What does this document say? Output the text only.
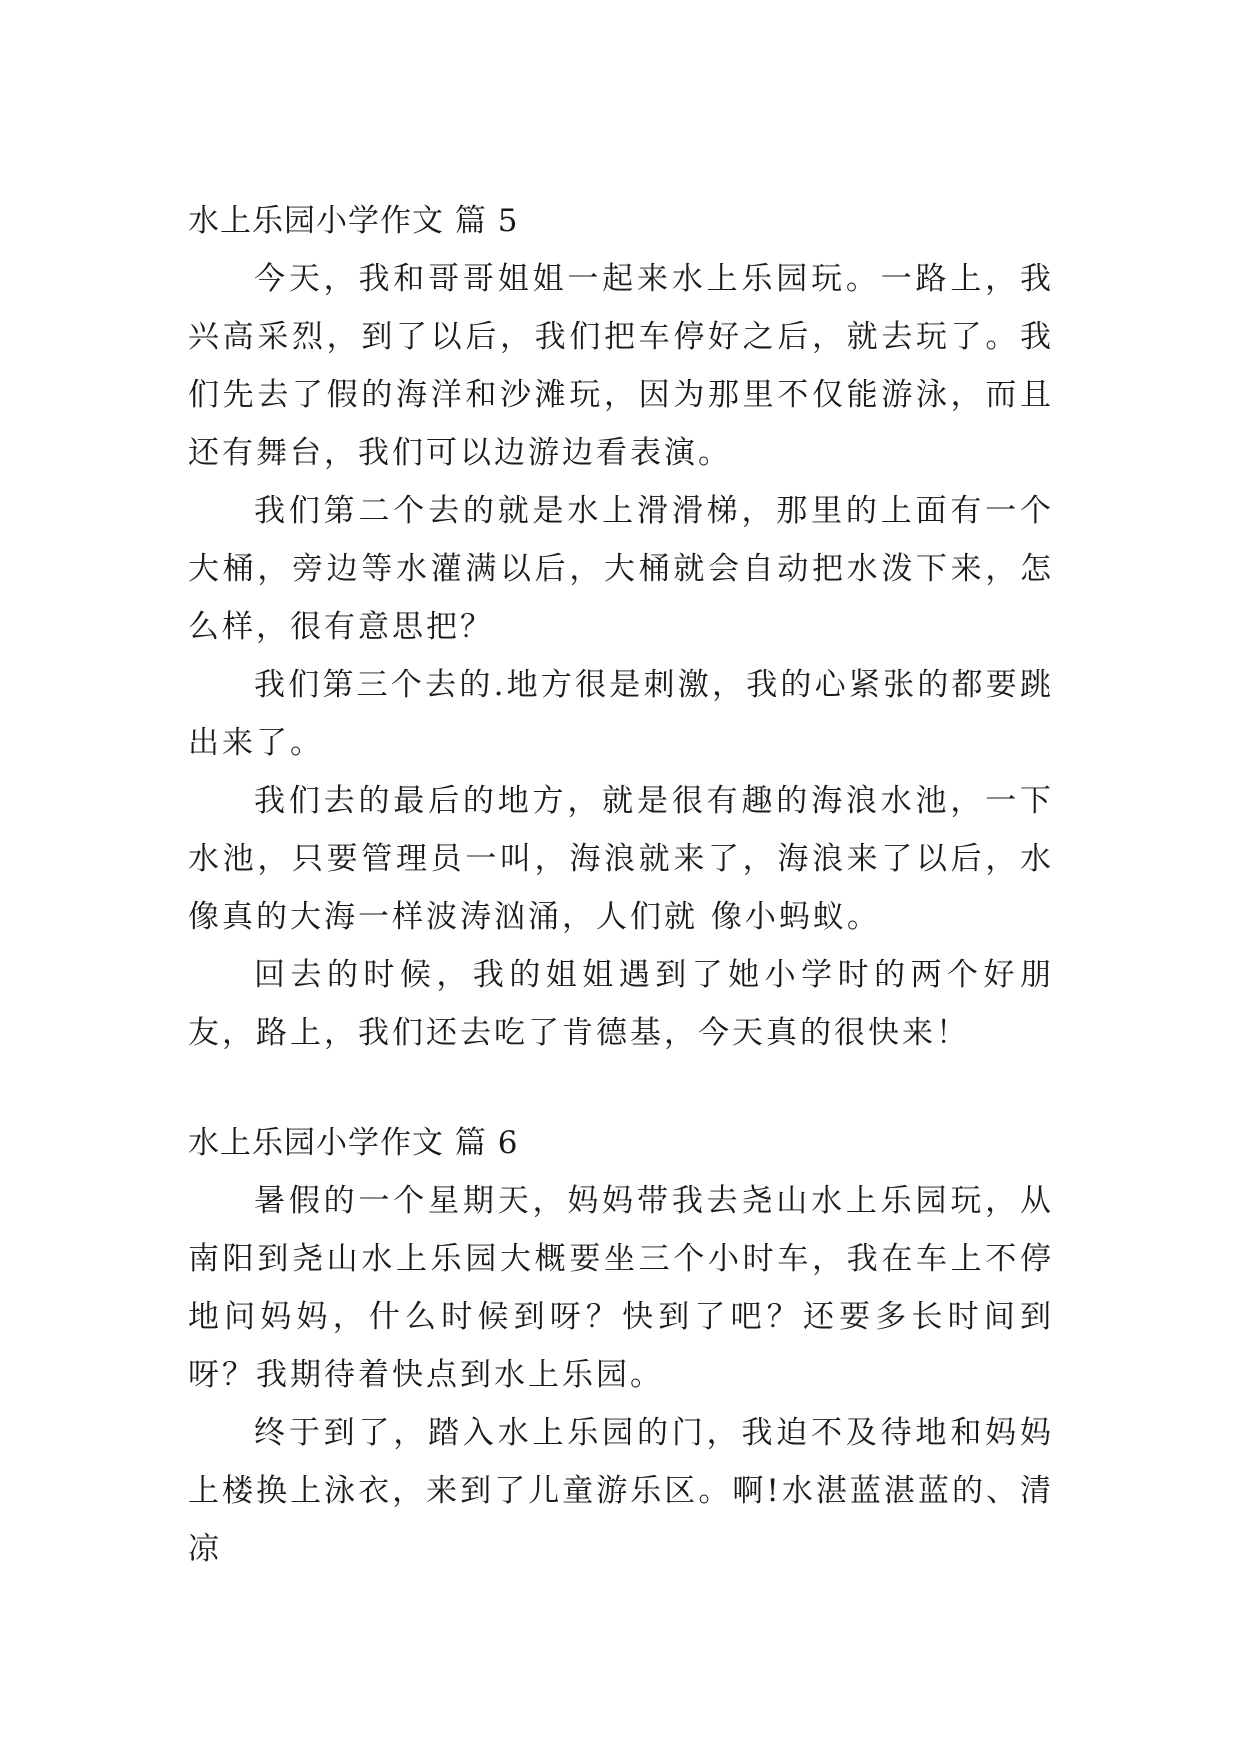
水上乐园小学作文 篇 5

今天，我和哥哥姐姐一起来水上乐园玩。一路上，我兴高采烈，到了以后，我们把车停好之后，就去玩了。我们先去了假的海洋和沙滩玩，因为那里不仅能游泳，而且还有舞台，我们可以边游边看表演。

我们第二个去的就是水上滑滑梯，那里的上面有一个大桶，旁边等水灌满以后，大桶就会自动把水泼下来，怎么样，很有意思把？

我们第三个去的.地方很是刺激，我的心紧张的都要跳出来了。

我们去的最后的地方，就是很有趣的海浪水池，一下水池，只要管理员一叫，海浪就来了，海浪来了以后，水像真的大海一样波涛汹涌，人们就 像小蚂蚁。

回去的时候，我的姐姐遇到了她小学时的两个好朋友，路上，我们还去吃了肯德基，今天真的很快来！

水上乐园小学作文 篇 6

暑假的一个星期天，妈妈带我去尧山水上乐园玩，从南阳到尧山水上乐园大概要坐三个小时车，我在车上不停地问妈妈，什么时候到呀？快到了吧？还要多长时间到呀？我期待着快点到水上乐园。

终于到了，踏入水上乐园的门，我迫不及待地和妈妈上楼换上泳衣，来到了儿童游乐区。啊!水湛蓝湛蓝的、清凉
